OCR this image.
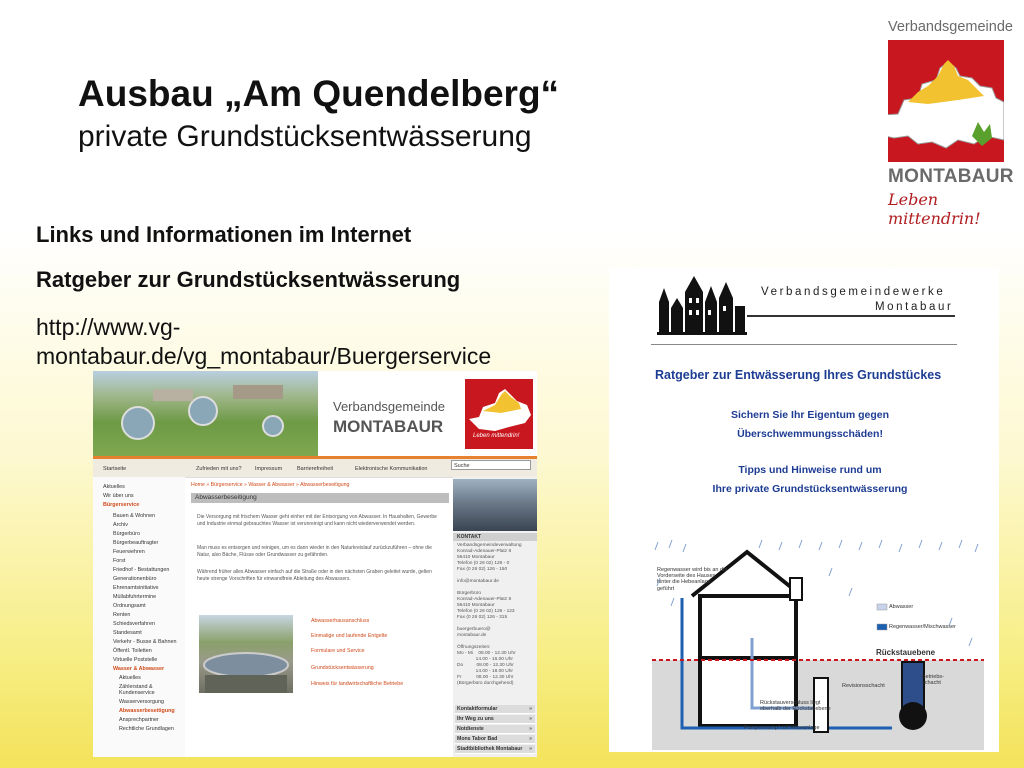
Ausbau „Am Quendelberg“
private Grundstücksentwässerung
Links und Informationen im Internet
Ratgeber zur Grundstücksentwässerung
http://www.vg-montabaur.de/vg_montabaur/Buergerservice
Verbandsgemeinde
MONTABAUR
Leben mittendrin!
Verbandsgemeinde
MONTABAUR	Leben mittendrin!
Startseite	Zufrieden mit uns? Impressum	Barrierefreiheit	Elektronische Kommunikation	Suche
Aktuelles
Wir über uns
Bürgerservice
Bauen & Wohnen
Archiv
Bürgerbüro
Bürgerbeauftragter
Feuerwehren
Forst
Friedhof - Bestattungen
Generationenbüro
Ehrenamtsinitiative
Müllabfuhrtermine
Ordnungsamt
Renten
Schiedsverfahren
Standesamt
Verkehr - Busse & Bahnen
Öffentl. Toiletten
Virtuelle Poststelle
Wasser & Abwasser
Aktuelles
Zählerstand & Kundenservice
Wasserversorgung
Abwasserbeseitigung
Ansprechpartner
Rechtliche Grundlagen
Home » Bürgerservice » Wasser & Abwasser » Abwasserbeseitigung
Abwasserbeseitigung
Die Versorgung mit frischem Wasser geht einher mit der Entsorgung von Abwasser. In Haushalten, Gewerbe und Industrie einmal gebrauchtes Wasser ist verunreinigt und kann nicht wiederverwendet werden.
Man muss es entsorgen und reinigen, um es dann wieder in den Naturkreislauf zurückzuführen – ohne die Natur, also Bäche, Flüsse oder Grundwasser zu gefährden.
Während früher alles Abwasser einfach auf die Straße oder in den nächsten Graben geleitet wurde, gelten heute strenge Vorschriften für einwandfreie Ableitung des Abwassers.
Abwasserhausanschluss
Einmalige und laufende Entgelte
Formulare und Service
Grundstücksentwässerung
Hinweis für landwirtschaftliche Betriebe
KONTAKT
Verbandsgemeindeverwaltung
Konrad-Adenauer-Platz 8
56410 Montabaur
Telefon (0 26 02) 126 - 0
Fax (0 26 02) 126 - 150

info@montabaur.de

Bürgerbüro
Konrad-Adenauer-Platz 8
56410 Montabaur
Telefon (0 26 02) 126 - 123
Fax (0 26 02) 126 - 315

buergerbuero@
montabaur.de

Öffnungszeiten:
Mo - Mi    08.00 - 12.30 Uhr
14.00 - 16.00 Uhr
Do          08.00 - 12.30 Uhr
14.00 - 18.00 Uhr
Fr           08.00 - 12.30 Uhr
(Bürgerbüro durchgehend)
Kontaktformular	»
Ihr Weg zu uns	»
Notdienste	»
Mons Tabor Bad	»
Stadtbibliothek Montabaur »
Verbandsgemeindewerke
Montabaur
Ratgeber zur Entwässerung Ihres Grundstückes
Sichern Sie Ihr Eigentum gegen
Überschwemmungsschäden!
Tipps und Hinweise rund um
Ihre private Grundstücksentwässerung
Abwasser
Regenwasser/Mischwasser
Rückstauebene
Regenwasser wird bis an die Vorderseite des Hauses hinter die Hebeanlage geführt
Revisionsschacht
Betriebs-schacht
Rückstauverschluss liegt oberhalb der Rückstauebene
Pumpensumpf mit Hebeanlage
